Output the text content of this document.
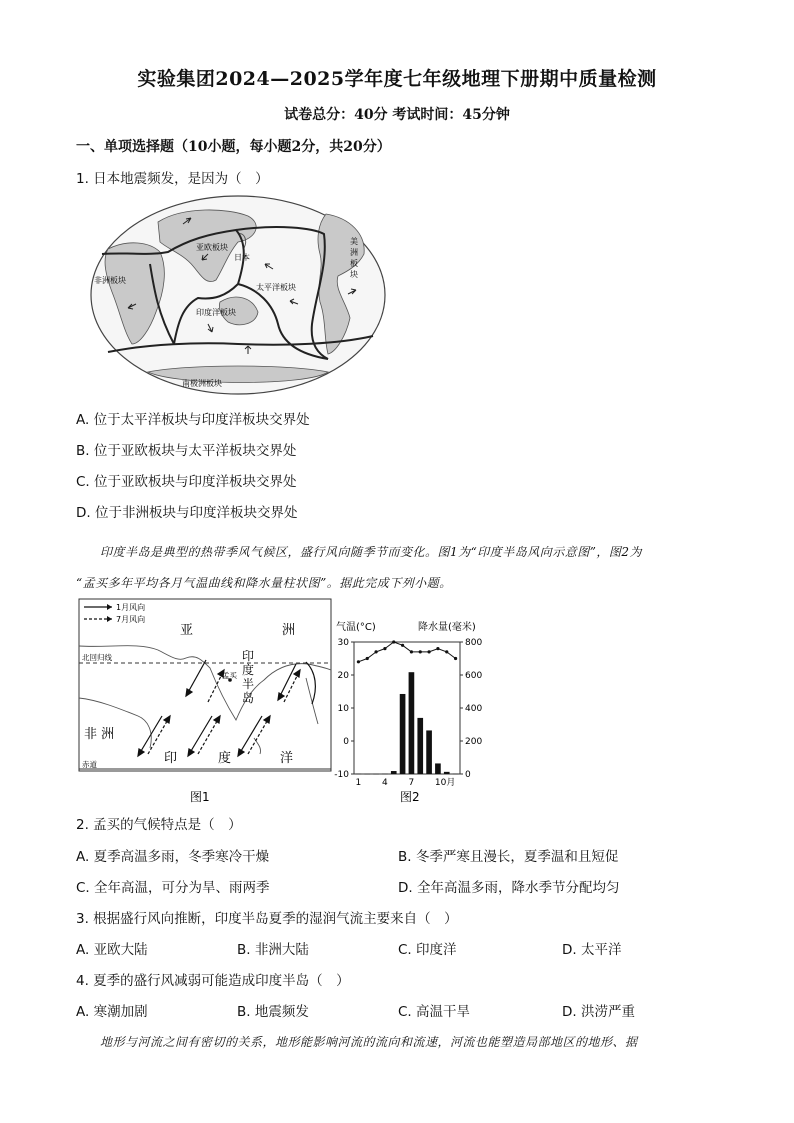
实验集团2024—2025学年度七年级地理下册期中质量检测
试卷总分：40分 考试时间：45分钟
一、单项选择题（10小题，每小题2分，共20分）
1. 日本地震频发，是因为（　）
亚欧板块
日本
非洲板块
太平洋板块
印度洋板块
美
洲
板
块
南极洲板块
A. 位于太平洋板块与印度洋板块交界处
B. 位于亚欧板块与太平洋板块交界处
C. 位于亚欧板块与印度洋板块交界处
D. 位于非洲板块与印度洋板块交界处
印度半岛是典型的热带季风气候区，盛行风向随季节而变化。图1为“印度半岛风向示意图”，图2为
“孟买多年平均各月气温曲线和降水量柱状图”。据此完成下列小题。
1月风向
7月风向
亚	洲
北回归线	印
度
半
岛
孟买
非 洲
印	度	洋
赤道
图1
气温(°C)	降水量(毫米)
30
20
10
0
-10
800
600
400
200
0
1 4 7 10月
图2
2. 孟买的气候特点是（　）
A. 夏季高温多雨，冬季寒冷干燥	B. 冬季严寒且漫长，夏季温和且短促
C. 全年高温，可分为旱、雨两季	D. 全年高温多雨，降水季节分配均匀
3. 根据盛行风向推断，印度半岛夏季的湿润气流主要来自（　）
A. 亚欧大陆	B. 非洲大陆	C. 印度洋	D. 太平洋
4. 夏季的盛行风减弱可能造成印度半岛（　）
A. 寒潮加剧	B. 地震频发	C. 高温干旱	D. 洪涝严重
地形与河流之间有密切的关系，地形能影响河流的流向和流速，河流也能塑造局部地区的地形、据
